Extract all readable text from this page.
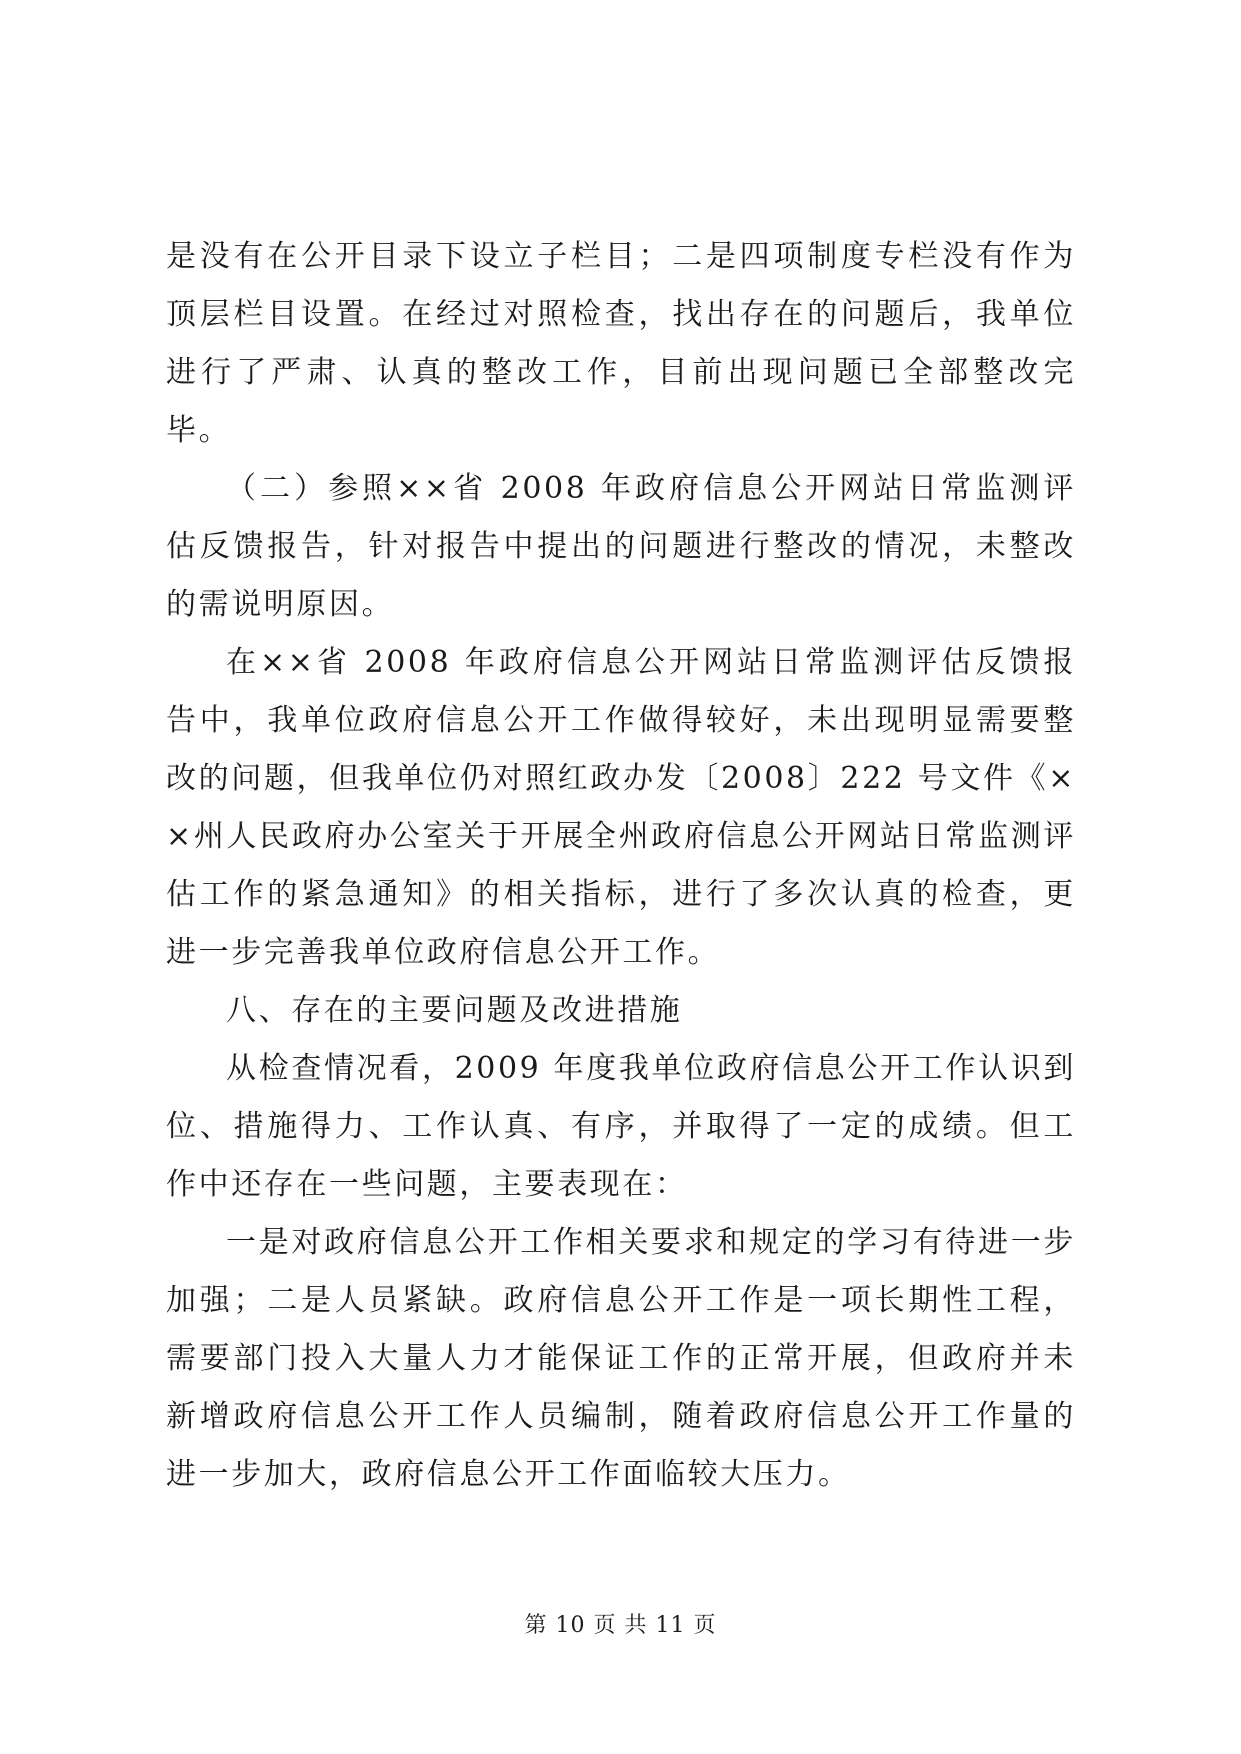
是没有在公开目录下设立子栏目；二是四项制度专栏没有作为顶层栏目设置。在经过对照检查，找出存在的问题后，我单位进行了严肃、认真的整改工作，目前出现问题已全部整改完毕。

（二）参照××省 2008 年政府信息公开网站日常监测评估反馈报告，针对报告中提出的问题进行整改的情况，未整改的需说明原因。

在××省 2008 年政府信息公开网站日常监测评估反馈报告中，我单位政府信息公开工作做得较好，未出现明显需要整改的问题，但我单位仍对照红政办发〔2008〕222 号文件《××州人民政府办公室关于开展全州政府信息公开网站日常监测评估工作的紧急通知》的相关指标，进行了多次认真的检查，更进一步完善我单位政府信息公开工作。

八、存在的主要问题及改进措施

从检查情况看，2009 年度我单位政府信息公开工作认识到位、措施得力、工作认真、有序，并取得了一定的成绩。但工作中还存在一些问题，主要表现在：

一是对政府信息公开工作相关要求和规定的学习有待进一步加强；二是人员紧缺。政府信息公开工作是一项长期性工程，需要部门投入大量人力才能保证工作的正常开展，但政府并未新增政府信息公开工作人员编制，随着政府信息公开工作量的进一步加大，政府信息公开工作面临较大压力。

第 10 页 共 11 页
